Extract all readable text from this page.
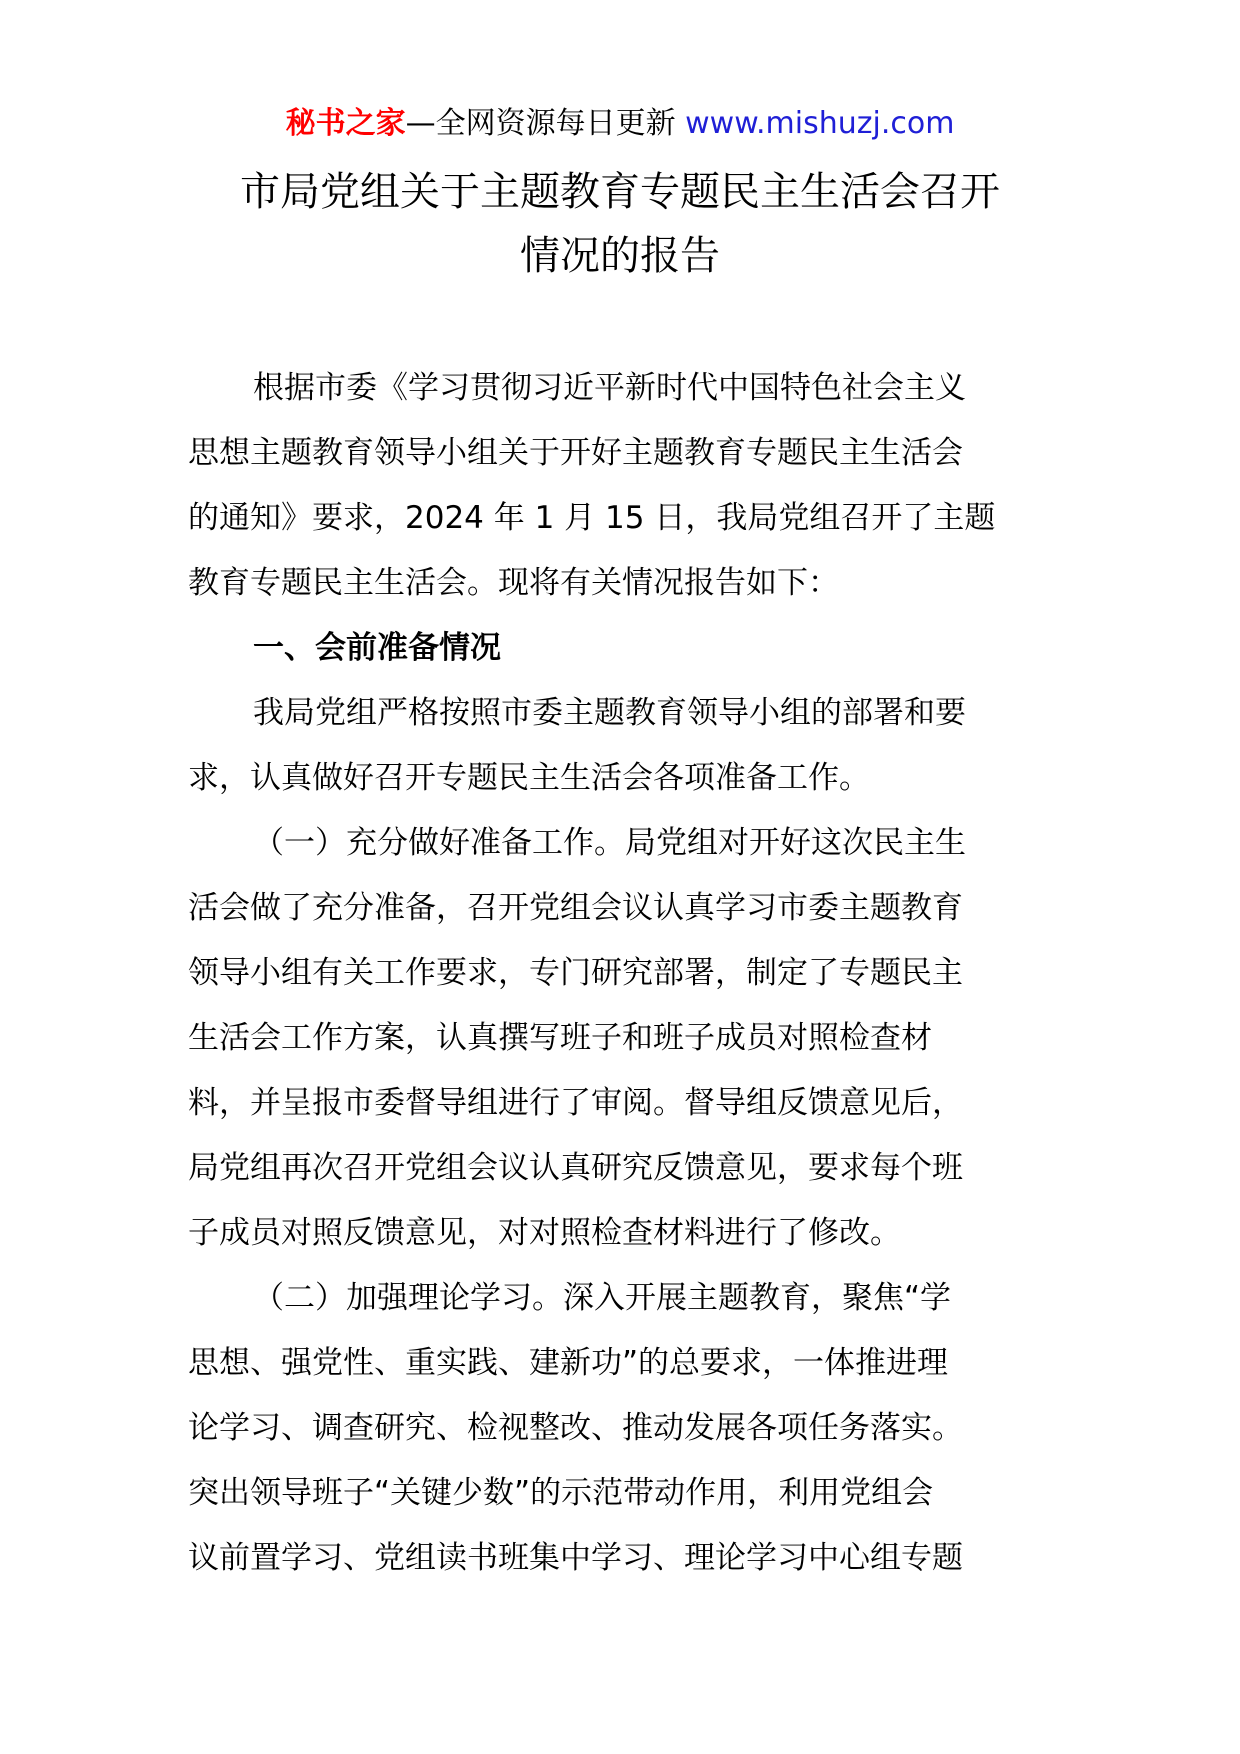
秘书之家—全网资源每日更新 www.mishuzj.com
市局党组关于主题教育专题民主生活会召开
情况的报告
根据市委《学习贯彻习近平新时代中国特色社会主义
思想主题教育领导小组关于开好主题教育专题民主生活会
的通知》要求，2024 年 1 月 15 日，我局党组召开了主题
教育专题民主生活会。现将有关情况报告如下：
一、会前准备情况
我局党组严格按照市委主题教育领导小组的部署和要
求，认真做好召开专题民主生活会各项准备工作。
（一）充分做好准备工作。局党组对开好这次民主生
活会做了充分准备，召开党组会议认真学习市委主题教育
领导小组有关工作要求，专门研究部署，制定了专题民主
生活会工作方案，认真撰写班子和班子成员对照检查材
料，并呈报市委督导组进行了审阅。督导组反馈意见后，
局党组再次召开党组会议认真研究反馈意见，要求每个班
子成员对照反馈意见，对对照检查材料进行了修改。
（二）加强理论学习。深入开展主题教育，聚焦“学
思想、强党性、重实践、建新功”的总要求，一体推进理
论学习、调查研究、检视整改、推动发展各项任务落实。
突出领导班子“关键少数”的示范带动作用，利用党组会
议前置学习、党组读书班集中学习、理论学习中心组专题
